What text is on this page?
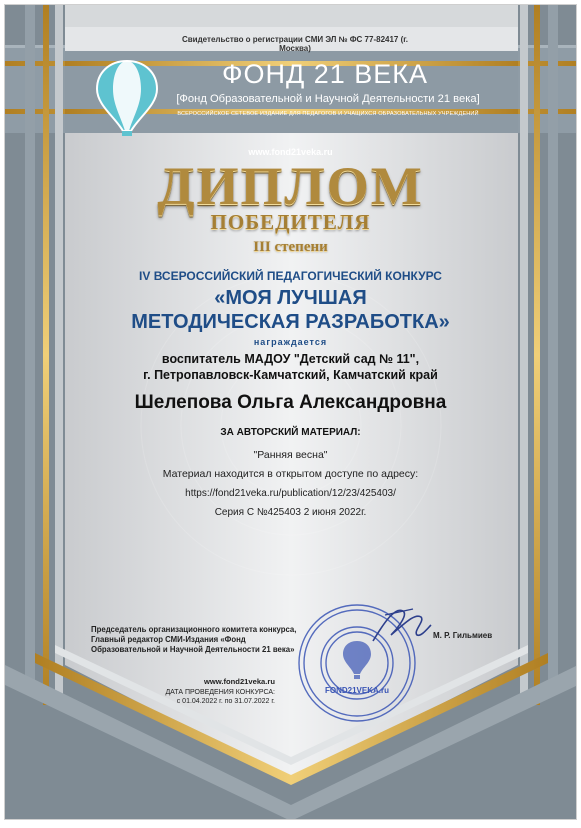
Свидетельство о регистрации СМИ ЭЛ № ФС 77-82417 (г. Москва)
ФОНД 21 ВЕКА
[Фонд Образовательной и Научной Деятельности 21 века]
ВСЕРОССИЙСКОЕ СЕТЕВОЕ ИЗДАНИЕ ДЛЯ ПЕДАГОГОВ И УЧАЩИХСЯ ОБРАЗОВАТЕЛЬНЫХ УЧРЕЖДЕНИЙ
www.fond21veka.ru
ДИПЛОМ
ПОБЕДИТЕЛЯ
III степени
IV ВСЕРОССИЙСКИЙ ПЕДАГОГИЧЕСКИЙ КОНКУРС
«МОЯ ЛУЧШАЯ
МЕТОДИЧЕСКАЯ РАЗРАБОТКА»
награждается
воспитатель МАДОУ "Детский сад № 11",
г. Петропавловск-Камчатский, Камчатский край
Шелепова Ольга Александровна
ЗА АВТОРСКИЙ МАТЕРИАЛ:
"Ранняя весна"
Материал находится в открытом доступе по адресу:
https://fond21veka.ru/publication/12/23/425403/
Серия С №425403 2 июня 2022г.
Председатель организационного комитета конкурса,
Главный редактор СМИ-Издания «Фонд
Образовательной и Научной Деятельности 21 века»
FOND21VEKA.ru
М. Р. Гильмиев
www.fond21veka.ru
ДАТА ПРОВЕДЕНИЯ КОНКУРСА:
с 01.04.2022 г. по 31.07.2022 г.
